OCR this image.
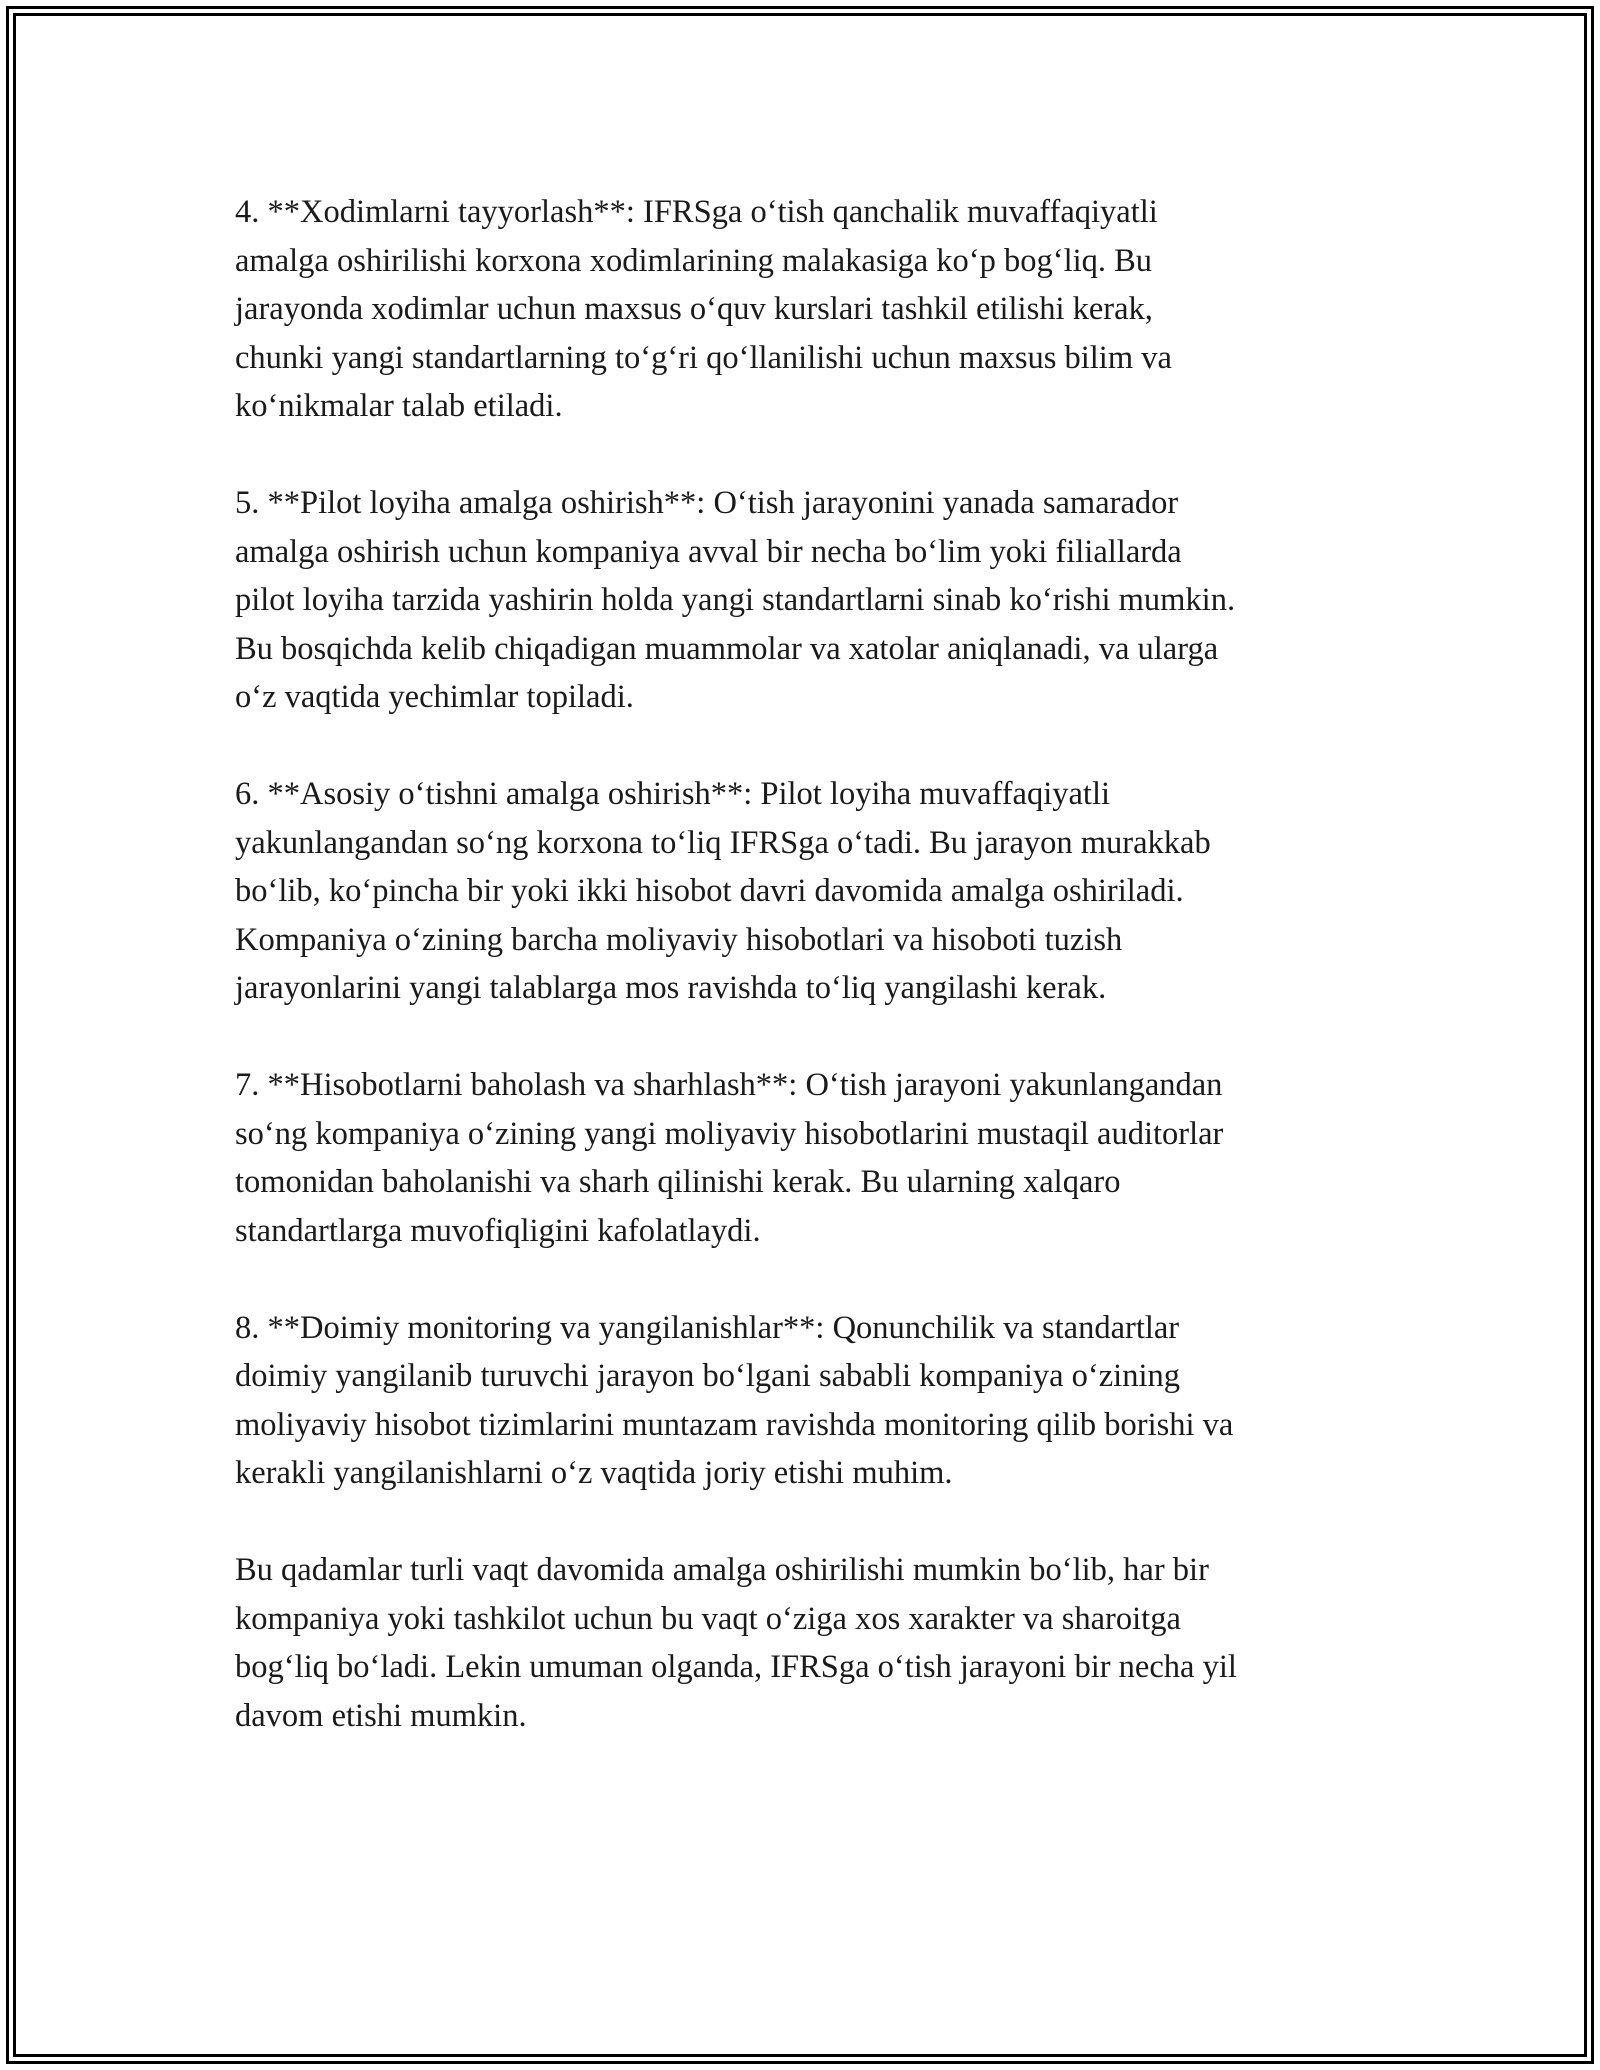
4. **Xodimlarni tayyorlash**: IFRSga oʻtish qanchalik muvaffaqiyatli
amalga oshirilishi korxona xodimlarining malakasiga koʻp bogʻliq. Bu
jarayonda xodimlar uchun maxsus oʻquv kurslari tashkil etilishi kerak,
chunki yangi standartlarning toʻgʻri qoʻllanilishi uchun maxsus bilim va
koʻnikmalar talab etiladi.

5. **Pilot loyiha amalga oshirish**: Oʻtish jarayonini yanada samarador
amalga oshirish uchun kompaniya avval bir necha boʻlim yoki filiallarda
pilot loyiha tarzida yashirin holda yangi standartlarni sinab koʻrishi mumkin.
Bu bosqichda kelib chiqadigan muammolar va xatolar aniqlanadi, va ularga
oʻz vaqtida yechimlar topiladi.

6. **Asosiy oʻtishni amalga oshirish**: Pilot loyiha muvaffaqiyatli
yakunlangandan soʻng korxona toʻliq IFRSga oʻtadi. Bu jarayon murakkab
boʻlib, koʻpincha bir yoki ikki hisobot davri davomida amalga oshiriladi.
Kompaniya oʻzining barcha moliyaviy hisobotlari va hisoboti tuzish
jarayonlarini yangi talablarga mos ravishda toʻliq yangilashi kerak.

7. **Hisobotlarni baholash va sharhlash**: Oʻtish jarayoni yakunlangandan
soʻng kompaniya oʻzining yangi moliyaviy hisobotlarini mustaqil auditorlar
tomonidan baholanishi va sharh qilinishi kerak. Bu ularning xalqaro
standartlarga muvofiqligini kafolatlaydi.

8. **Doimiy monitoring va yangilanishlar**: Qonunchilik va standartlar
doimiy yangilanib turuvchi jarayon boʻlgani sababli kompaniya oʻzining
moliyaviy hisobot tizimlarini muntazam ravishda monitoring qilib borishi va
kerakli yangilanishlarni oʻz vaqtida joriy etishi muhim.

Bu qadamlar turli vaqt davomida amalga oshirilishi mumkin boʻlib, har bir
kompaniya yoki tashkilot uchun bu vaqt oʻziga xos xarakter va sharoitga
bogʻliq boʻladi. Lekin umuman olganda, IFRSga oʻtish jarayoni bir necha yil
davom etishi mumkin.
